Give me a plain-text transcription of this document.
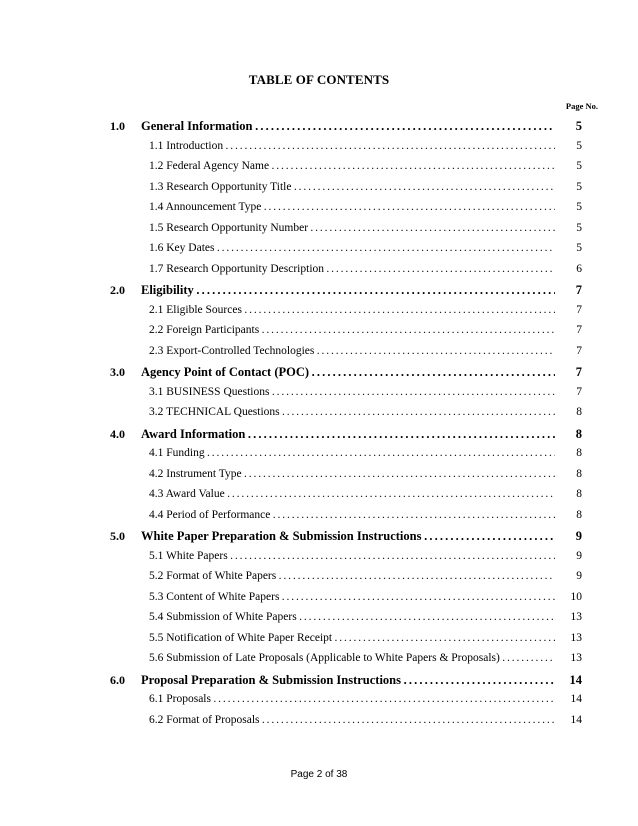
TABLE OF CONTENTS
Page No.
1.0 General Information . . .	5
1.1 Introduction . . .	5
1.2 Federal Agency Name . . .	5
1.3 Research Opportunity Title . . .	5
1.4 Announcement Type . . .	5
1.5 Research Opportunity Number . . .	5
1.6 Key Dates . . .	5
1.7 Research Opportunity Description . . .	6
2.0 Eligibility . . .	7
2.1 Eligible Sources . . .	7
2.2 Foreign Participants . . .	7
2.3 Export-Controlled Technologies . . .	7
3.0 Agency Point of Contact (POC) . . .	7
3.1 BUSINESS Questions . . .	7
3.2 TECHNICAL Questions . . .	8
4.0 Award Information . . .	8
4.1 Funding . . .	8
4.2 Instrument Type . . .	8
4.3 Award Value . . .	8
4.4 Period of Performance . . .	8
5.0 White Paper Preparation & Submission Instructions . . .	9
5.1 White Papers . . .	9
5.2 Format of White Papers . . .	9
5.3 Content of White Papers . . .	10
5.4 Submission of White Papers . . .	13
5.5 Notification of White Paper Receipt . . .	13
5.6 Submission of Late Proposals (Applicable to White Papers & Proposals) . . .	13
6.0 Proposal Preparation & Submission Instructions . . .	14
6.1 Proposals . . .	14
6.2 Format of Proposals . . .	14
Page 2 of 38
